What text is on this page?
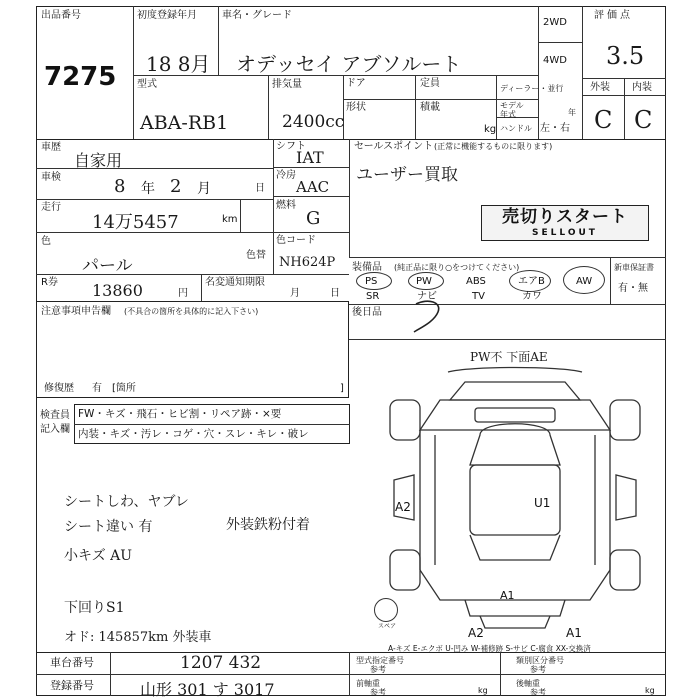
出品番号
7275
初度登録年月
18 8月
車名・グレード
オデッセイ アブソルート
型式
ABA-RB1
排気量
2400cc
ドア	定員
形状	積載
kg
ディーラー・並行
モデル年式	年
ハンドル 左・右
2WD
4WD
評価点
3.5
外装 内装
C C
車歴
自家用
車検	8 年 2 月	日
走行
14万5457	km
色
パール
色替
シフト
IAT
冷房
AAC
燃料
G
色コード
NH624P
R券 13860	円
名変通知期限
月	日
セールスポイント (正常に機能するものに限ります)
ユーザー買取
売切りスタート
SELLOUT
装備品 (純正品に限り○をつけてください)	新車保証書
有・無
PS	PW	ABS	エアB	AW
SR	ナビ	TV	カワ
後日品
注意事項申告欄 (不具合の箇所を具体的に記入下さい)
修復歴 有 [箇所	]
検査員
記入欄
FW・キズ・飛石・ヒビ割・リペア跡・×要
内装・キズ・汚レ・コゲ・穴・スレ・キレ・破レ
シートしわ、ヤブレ
シート違い 有
小キズ AU
下回りS1
オド: 145857km 外装車
外装鉄粉付着
PW不 下面AE
A2	U1
A1
A2	A1
スペア
A-キズ E-エクボ U-凹み W-補修跡 S-サビ C-腐食 XX-交換済
車台番号	1207 432
登録番号	山形 301 す 3017
型式指定番号
参考
類別区分番号
参考
前軸重
参考	kg
後軸重
参考	kg
